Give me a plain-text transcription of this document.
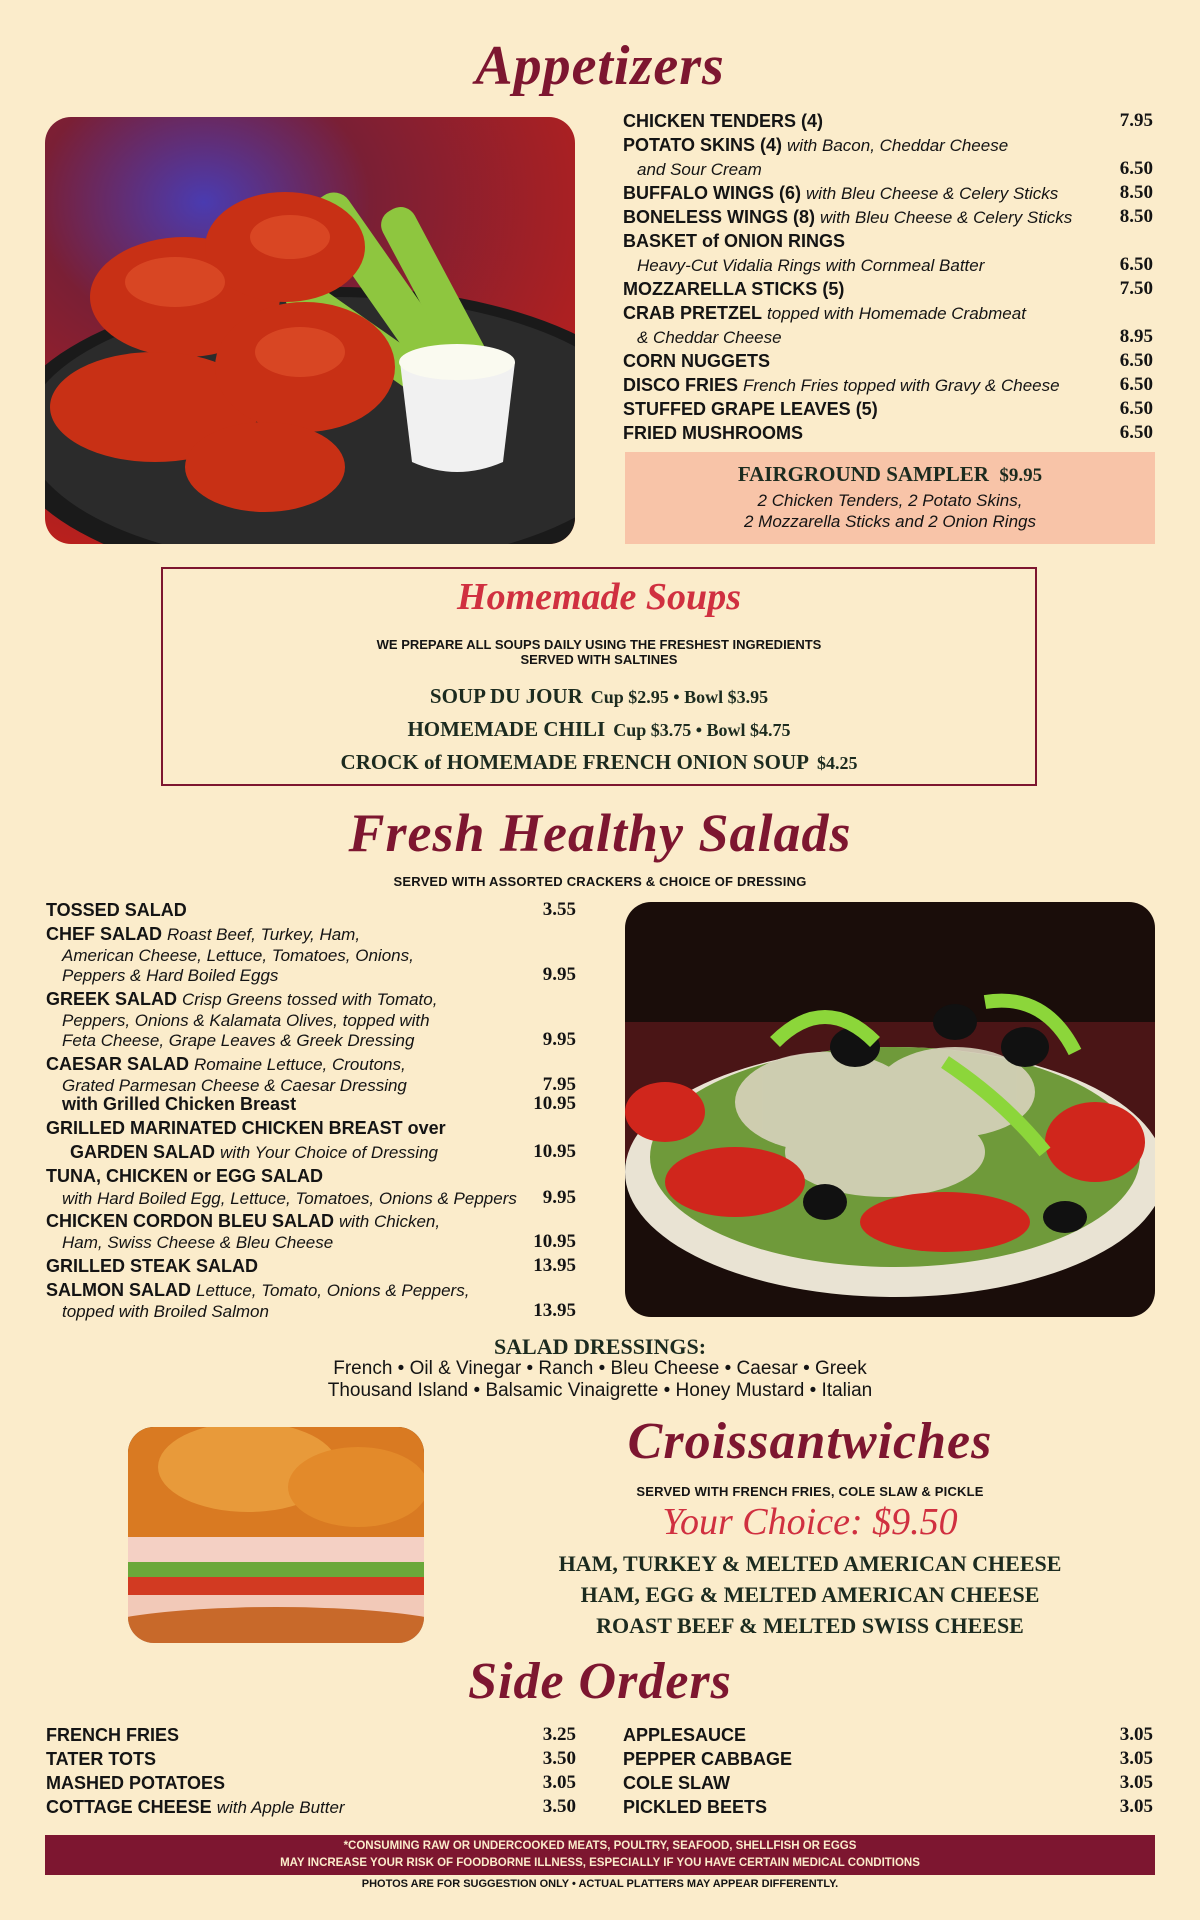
Appetizers
CHICKEN TENDERS (4)	7.95
POTATO SKINS (4) with Bacon, Cheddar Cheese
and Sour Cream	6.50
BUFFALO WINGS (6) with Bleu Cheese & Celery Sticks	8.50
BONELESS WINGS (8) with Bleu Cheese & Celery Sticks	8.50
BASKET of ONION RINGS
Heavy-Cut Vidalia Rings with Cornmeal Batter	6.50
MOZZARELLA STICKS (5)	7.50
CRAB PRETZEL topped with Homemade Crabmeat
& Cheddar Cheese	8.95
CORN NUGGETS	6.50
DISCO FRIES French Fries topped with Gravy & Cheese	6.50
STUFFED GRAPE LEAVES (5)	6.50
FRIED MUSHROOMS	6.50
FAIRGROUND SAMPLER $9.95
2 Chicken Tenders, 2 Potato Skins,
2 Mozzarella Sticks and 2 Onion Rings
Homemade Soups
WE PREPARE ALL SOUPS DAILY USING THE FRESHEST INGREDIENTS
SERVED WITH SALTINES
SOUP DU JOUR Cup $2.95 • Bowl $3.95
HOMEMADE CHILI Cup $3.75 • Bowl $4.75
CROCK of HOMEMADE FRENCH ONION SOUP $4.25
Fresh Healthy Salads
SERVED WITH ASSORTED CRACKERS & CHOICE OF DRESSING
TOSSED SALAD	3.55
CHEF SALAD Roast Beef, Turkey, Ham,
American Cheese, Lettuce, Tomatoes, Onions,
Peppers & Hard Boiled Eggs	9.95
GREEK SALAD Crisp Greens tossed with Tomato,
Peppers, Onions & Kalamata Olives, topped with
Feta Cheese, Grape Leaves & Greek Dressing	9.95
CAESAR SALAD Romaine Lettuce, Croutons,
Grated Parmesan Cheese & Caesar Dressing	7.95
with Grilled Chicken Breast	10.95
GRILLED MARINATED CHICKEN BREAST over
GARDEN SALAD with Your Choice of Dressing	10.95
TUNA, CHICKEN or EGG SALAD
with Hard Boiled Egg, Lettuce, Tomatoes, Onions & Peppers	9.95
CHICKEN CORDON BLEU SALAD with Chicken,
Ham, Swiss Cheese & Bleu Cheese	10.95
GRILLED STEAK SALAD	13.95
SALMON SALAD Lettuce, Tomato, Onions & Peppers,
topped with Broiled Salmon	13.95
SALAD DRESSINGS:
French • Oil & Vinegar • Ranch • Bleu Cheese • Caesar • Greek
Thousand Island • Balsamic Vinaigrette • Honey Mustard • Italian
Croissantwiches
SERVED WITH FRENCH FRIES, COLE SLAW & PICKLE
Your Choice: $9.50
HAM, TURKEY & MELTED AMERICAN CHEESE
HAM, EGG & MELTED AMERICAN CHEESE
ROAST BEEF & MELTED SWISS CHEESE
Side Orders
FRENCH FRIES	3.25
TATER TOTS	3.50
MASHED POTATOES	3.05
COTTAGE CHEESE with Apple Butter	3.50
APPLESAUCE	3.05
PEPPER CABBAGE	3.05
COLE SLAW	3.05
PICKLED BEETS	3.05
*CONSUMING RAW OR UNDERCOOKED MEATS, POULTRY, SEAFOOD, SHELLFISH OR EGGS
MAY INCREASE YOUR RISK OF FOODBORNE ILLNESS, ESPECIALLY IF YOU HAVE CERTAIN MEDICAL CONDITIONS
PHOTOS ARE FOR SUGGESTION ONLY • ACTUAL PLATTERS MAY APPEAR DIFFERENTLY.
